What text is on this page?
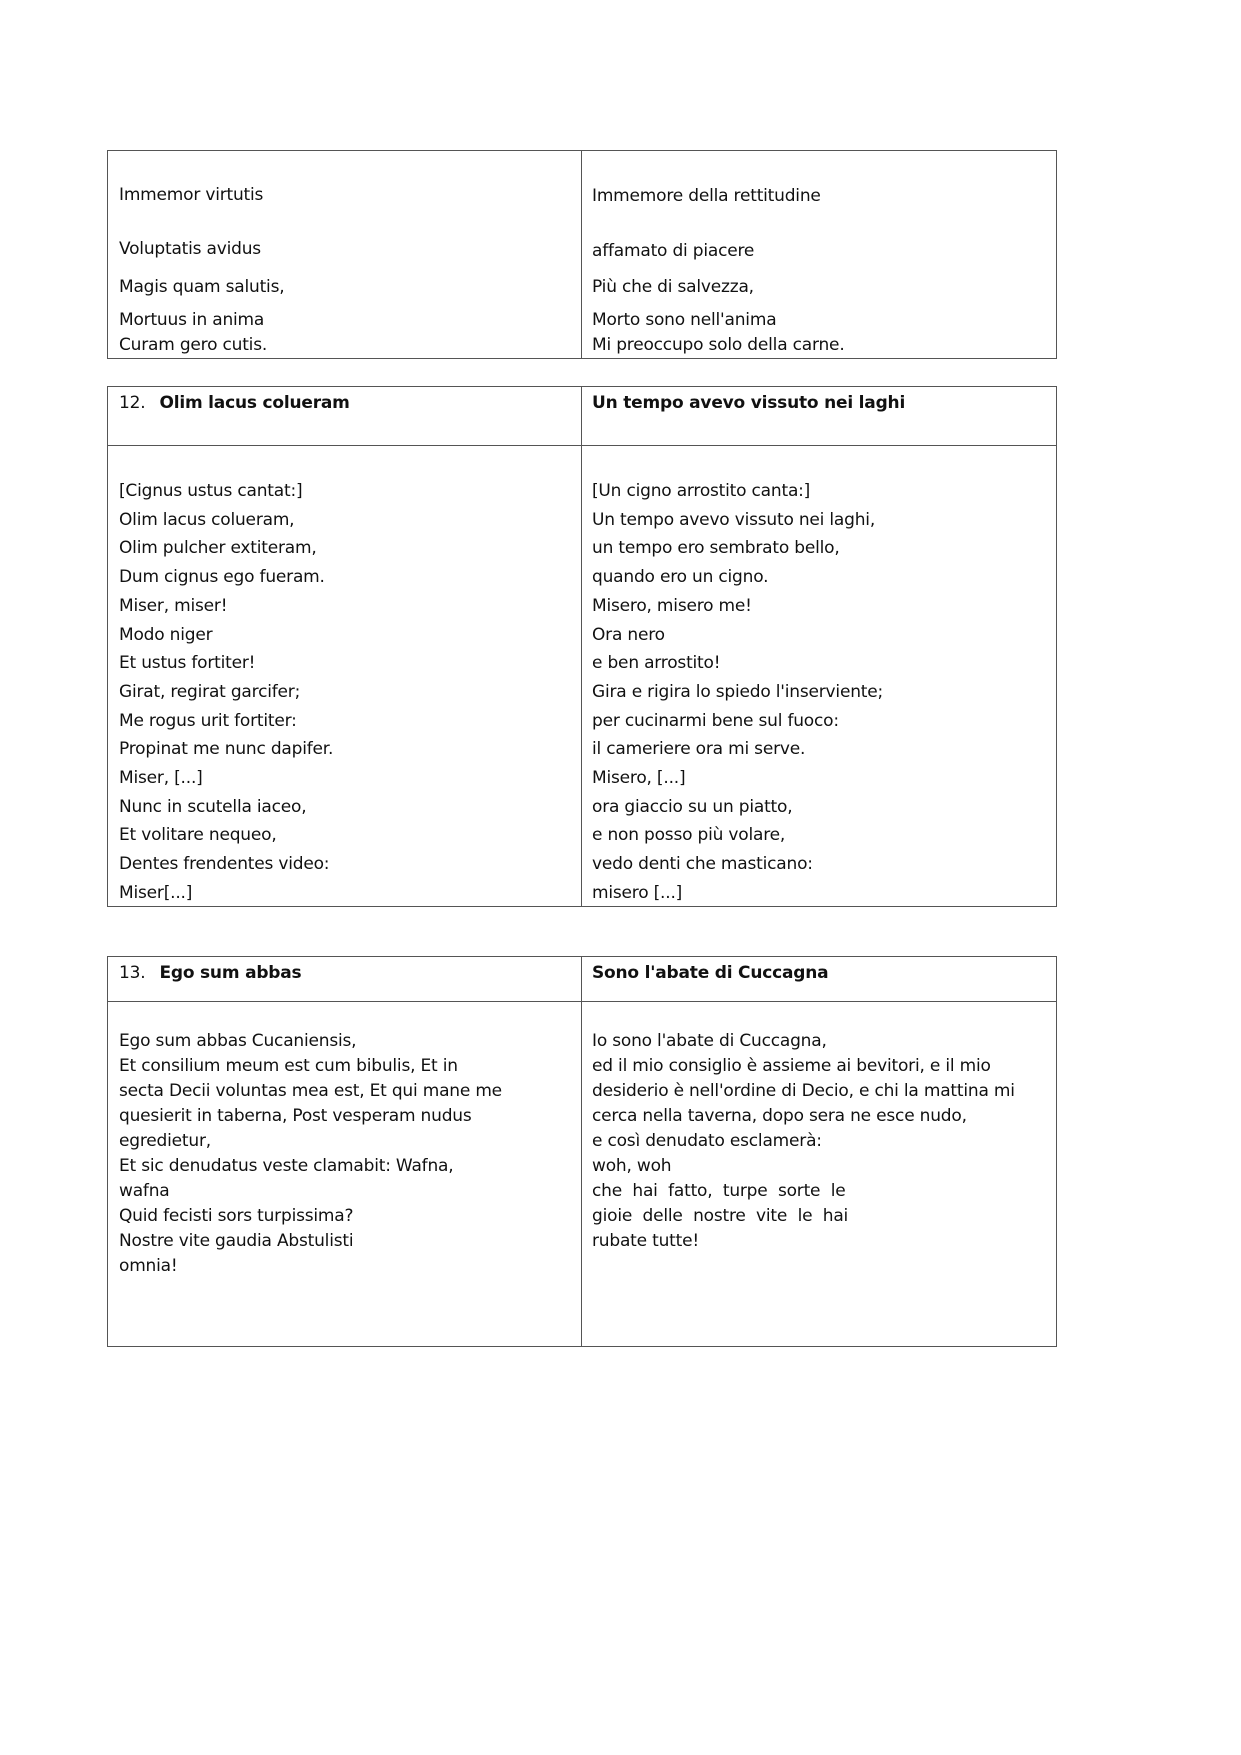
Immemor virtutis
Voluptatis avidus
Magis quam salutis,
Mortuus in anima
Curam gero cutis.
Immemore della rettitudine
affamato di piacere
Più che di salvezza,
Morto sono nell'anima
Mi preoccupo solo della carne.
12. Olim lacus colueram	Un tempo avevo vissuto nei laghi
[Cignus ustus cantat:]
Olim lacus colueram,
Olim pulcher extiteram,
Dum cignus ego fueram.
Miser, miser!
Modo niger
Et ustus fortiter!
Girat, regirat garcifer;
Me rogus urit fortiter:
Propinat me nunc dapifer.
Miser, [...]
Nunc in scutella iaceo,
Et volitare nequeo,
Dentes frendentes video:
Miser[...]
[Un cigno arrostito canta:]
Un tempo avevo vissuto nei laghi,
un tempo ero sembrato bello,
quando ero un cigno.
Misero, misero me!
Ora nero
e ben arrostito!
Gira e rigira lo spiedo l'inserviente;
per cucinarmi bene sul fuoco:
il cameriere ora mi serve.
Misero, [...]
ora giaccio su un piatto,
e non posso più volare,
vedo denti che masticano:
misero [...]
13. Ego sum abbas	Sono l'abate di Cuccagna
Ego sum abbas Cucaniensis,
Et consilium meum est cum bibulis, Et in
secta Decii voluntas mea est, Et qui mane me
quesierit in taberna, Post vesperam nudus
egredietur,
Et sic denudatus veste clamabit: Wafna,
wafna
Quid fecisti sors turpissima?
Nostre vite gaudia Abstulisti
omnia!
Io sono l'abate di Cuccagna,
ed il mio consiglio è assieme ai bevitori, e il mio
desiderio è nell'ordine di Decio, e chi la mattina mi
cerca nella taverna, dopo sera ne esce nudo,
e così denudato esclamerà:
woh, woh
che  hai  fatto,  turpe  sorte  le
gioie  delle  nostre  vite  le  hai
rubate tutte!
